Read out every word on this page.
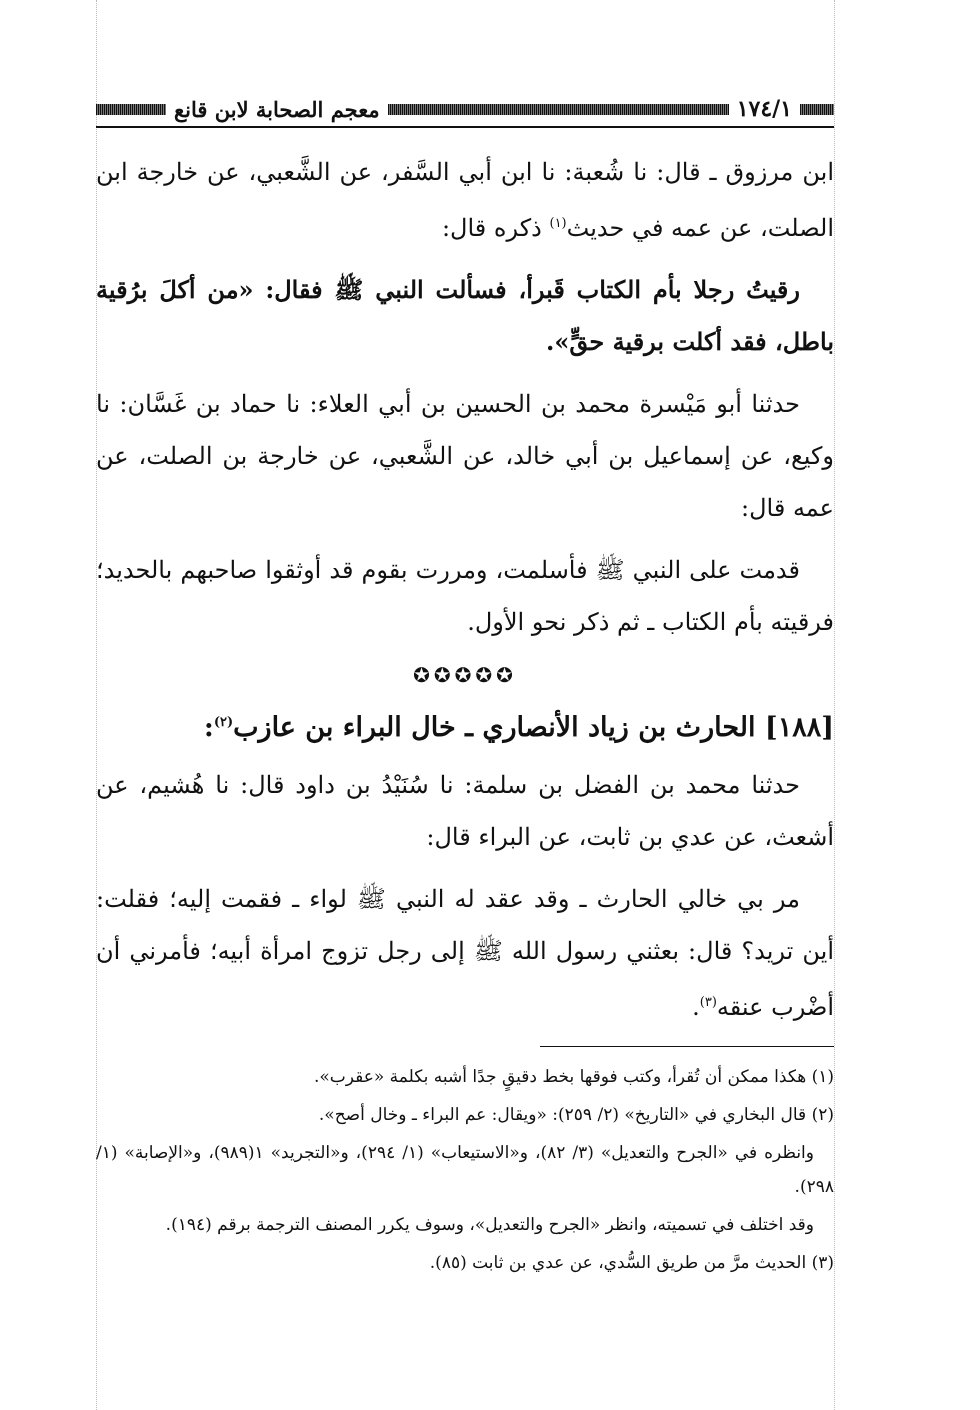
١٧٤/١
معجم الصحابة لابن قانع

ابن مرزوق ـ قال: نا شُعبة: نا ابن أبي السَّفر، عن الشَّعبي، عن خارجة ابن الصلت، عن عمه في حديث$^{(١)}$ ذكره قال:

رقيتُ رجلا بأم الكتاب قَبرأ، فسألت النبي ﷺ فقال: «من أكلَ برُقية باطل، فقد أكلت برقية حقٍّ».

حدثنا أبو مَيْسرة محمد بن الحسين بن أبي العلاء: نا حماد بن غَسَّان: نا وكيع، عن إسماعيل بن أبي خالد، عن الشَّعبي، عن خارجة بن الصلت، عن عمه قال:

قدمت على النبي ﷺ فأسلمت، ومررت بقوم قد أوثقوا صاحبهم بالحديد؛ فرقيته بأم الكتاب ـ ثم ذكر نحو الأول.

✪✪✪✪✪
[١٨٨] الحارث بن زياد الأنصاري ـ خال البراء بن عازب$^{(٢)}$:

حدثنا محمد بن الفضل بن سلمة: نا سُنَيْدُ بن داود قال: نا هُشيم، عن أشعث، عن عدي بن ثابت، عن البراء قال:

مر بي خالي الحارث ـ وقد عقد له النبي ﷺ لواء ـ فقمت إليه؛ فقلت: أين تريد؟ قال: بعثني رسول الله ﷺ إلى رجل تزوج امرأة أبيه؛ فأمرني أن أضْرب عنقه$^{(٣)}$.

(١) هكذا ممكن أن تُقرأ، وكتب فوقها بخط دقيقٍ جدًا أشبه بكلمة «عقرب».
(٢) قال البخاري في «التاريخ» (٢/ ٢٥٩): «ويقال: عم البراء ـ وخال أصح».
وانظره في «الجرح والتعديل» (٣/ ٨٢)، و«الاستيعاب» (١/ ٢٩٤)، و«التجريد» ١(٩٨٩)، و«الإصابة» (١/ ٢٩٨).
وقد اختلف في تسميته، وانظر «الجرح والتعديل»، وسوف يكرر المصنف الترجمة برقم (١٩٤).
(٣) الحديث مرَّ من طريق السُّدي، عن عدي بن ثابت (٨٥).
